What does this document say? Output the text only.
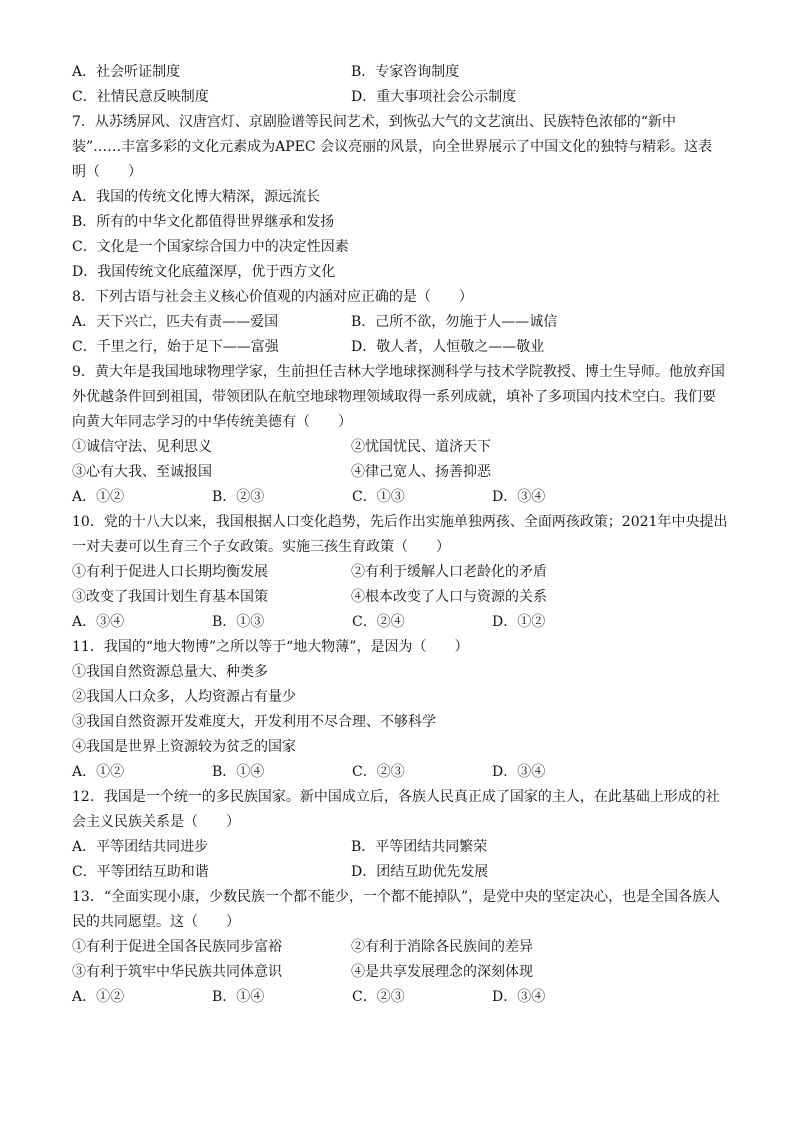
A．社会听证制度	B．专家咨询制度
C．社情民意反映制度	D．重大事项社会公示制度
7．从苏绣屏风、汉唐宫灯、京剧脸谱等民间艺术，到恢弘大气的文艺演出、民族特色浓郁的“新中
装”……丰富多彩的文化元素成为APEC 会议亮丽的风景，向全世界展示了中国文化的独特与精彩。这表
明（　　）
A．我国的传统文化博大精深，源远流长
B．所有的中华文化都值得世界继承和发扬
C．文化是一个国家综合国力中的决定性因素
D．我国传统文化底蕴深厚，优于西方文化
8．下列古语与社会主义核心价值观的内涵对应正确的是（　　）
A．天下兴亡，匹夫有责——爱国	B．己所不欲，勿施于人——诚信
C．千里之行，始于足下——富强	D．敬人者，人恒敬之——敬业
9．黄大年是我国地球物理学家，生前担任吉林大学地球探测科学与技术学院教授、博士生导师。他放弃国
外优越条件回到祖国，带领团队在航空地球物理领域取得一系列成就，填补了多项国内技术空白。我们要
向黄大年同志学习的中华传统美德有（　　）
①诚信守法、见利思义	②忧国忧民、道济天下
③心有大我、至诚报国	④律己宽人、扬善抑恶
A．①②	B．②③	C．①③	D．③④
10．党的十八大以来，我国根据人口变化趋势，先后作出实施单独两孩、全面两孩政策；2021年中央提出
一对夫妻可以生育三个子女政策。实施三孩生育政策（　　）
①有利于促进人口长期均衡发展	②有利于缓解人口老龄化的矛盾
③改变了我国计划生育基本国策	④根本改变了人口与资源的关系
A．③④	B．①③	C．②④	D．①②
11．我国的“地大物博”之所以等于“地大物薄”，是因为（　　）
①我国自然资源总量大、种类多
②我国人口众多，人均资源占有量少
③我国自然资源开发难度大，开发利用不尽合理、不够科学
④我国是世界上资源较为贫乏的国家
A．①②	B．①④	C．②③	D．③④
12．我国是一个统一的多民族国家。新中国成立后，各族人民真正成了国家的主人，在此基础上形成的社
会主义民族关系是（　　）
A．平等团结共同进步	B．平等团结共同繁荣
C．平等团结互助和谐	D．团结互助优先发展
13．“全面实现小康，少数民族一个都不能少，一个都不能掉队”，是党中央的坚定决心，也是全国各族人
民的共同愿望。这（　　）
①有利于促进全国各民族同步富裕	②有利于消除各民族间的差异
③有利于筑牢中华民族共同体意识	④是共享发展理念的深刻体现
A．①②	B．①④	C．②③	D．③④
